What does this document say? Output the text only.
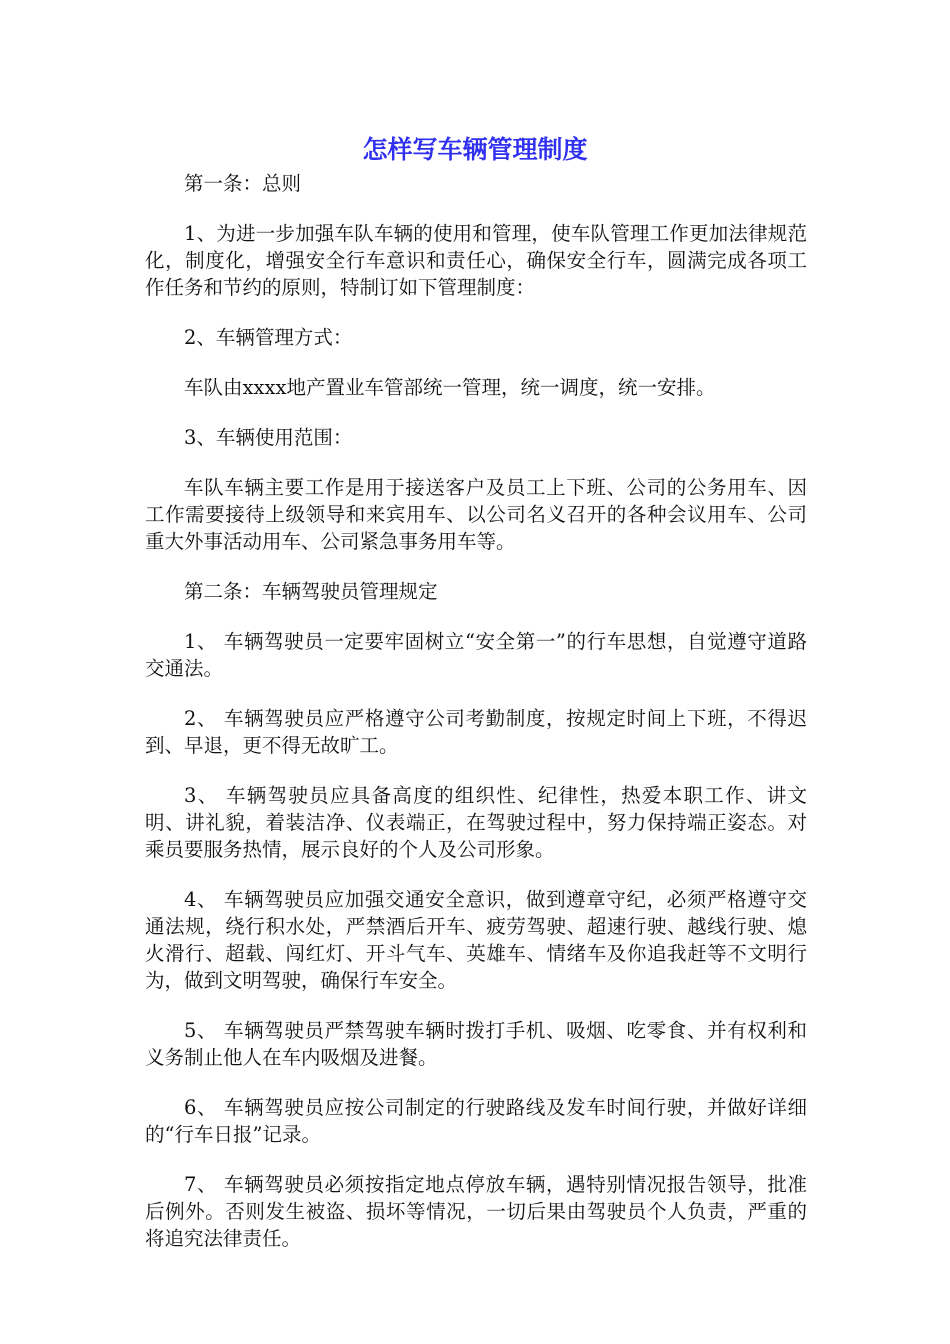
怎样写车辆管理制度

第一条：总则

1、为进一步加强车队车辆的使用和管理，使车队管理工作更加法律规范化，制度化，增强安全行车意识和责任心，确保安全行车，圆满完成各项工作任务和节约的原则，特制订如下管理制度：

2、车辆管理方式：

车队由xxxx地产置业车管部统一管理，统一调度，统一安排。

3、车辆使用范围：

车队车辆主要工作是用于接送客户及员工上下班、公司的公务用车、因工作需要接待上级领导和来宾用车、以公司名义召开的各种会议用车、公司重大外事活动用车、公司紧急事务用车等。

第二条：车辆驾驶员管理规定

1、 车辆驾驶员一定要牢固树立“安全第一”的行车思想，自觉遵守道路交通法。

2、 车辆驾驶员应严格遵守公司考勤制度，按规定时间上下班，不得迟到、早退，更不得无故旷工。

3、 车辆驾驶员应具备高度的组织性、纪律性，热爱本职工作、讲文明、讲礼貌，着装洁净、仪表端正，在驾驶过程中，努力保持端正姿态。对乘员要服务热情，展示良好的个人及公司形象。

4、 车辆驾驶员应加强交通安全意识，做到遵章守纪，必须严格遵守交通法规，绕行积水处，严禁酒后开车、疲劳驾驶、超速行驶、越线行驶、熄火滑行、超载、闯红灯、开斗气车、英雄车、情绪车及你追我赶等不文明行为，做到文明驾驶，确保行车安全。

5、 车辆驾驶员严禁驾驶车辆时拨打手机、吸烟、吃零食、并有权利和义务制止他人在车内吸烟及进餐。

6、 车辆驾驶员应按公司制定的行驶路线及发车时间行驶，并做好详细的“行车日报”记录。

7、 车辆驾驶员必须按指定地点停放车辆，遇特别情况报告领导，批准后例外。否则发生被盗、损坏等情况，一切后果由驾驶员个人负责，严重的将追究法律责任。
